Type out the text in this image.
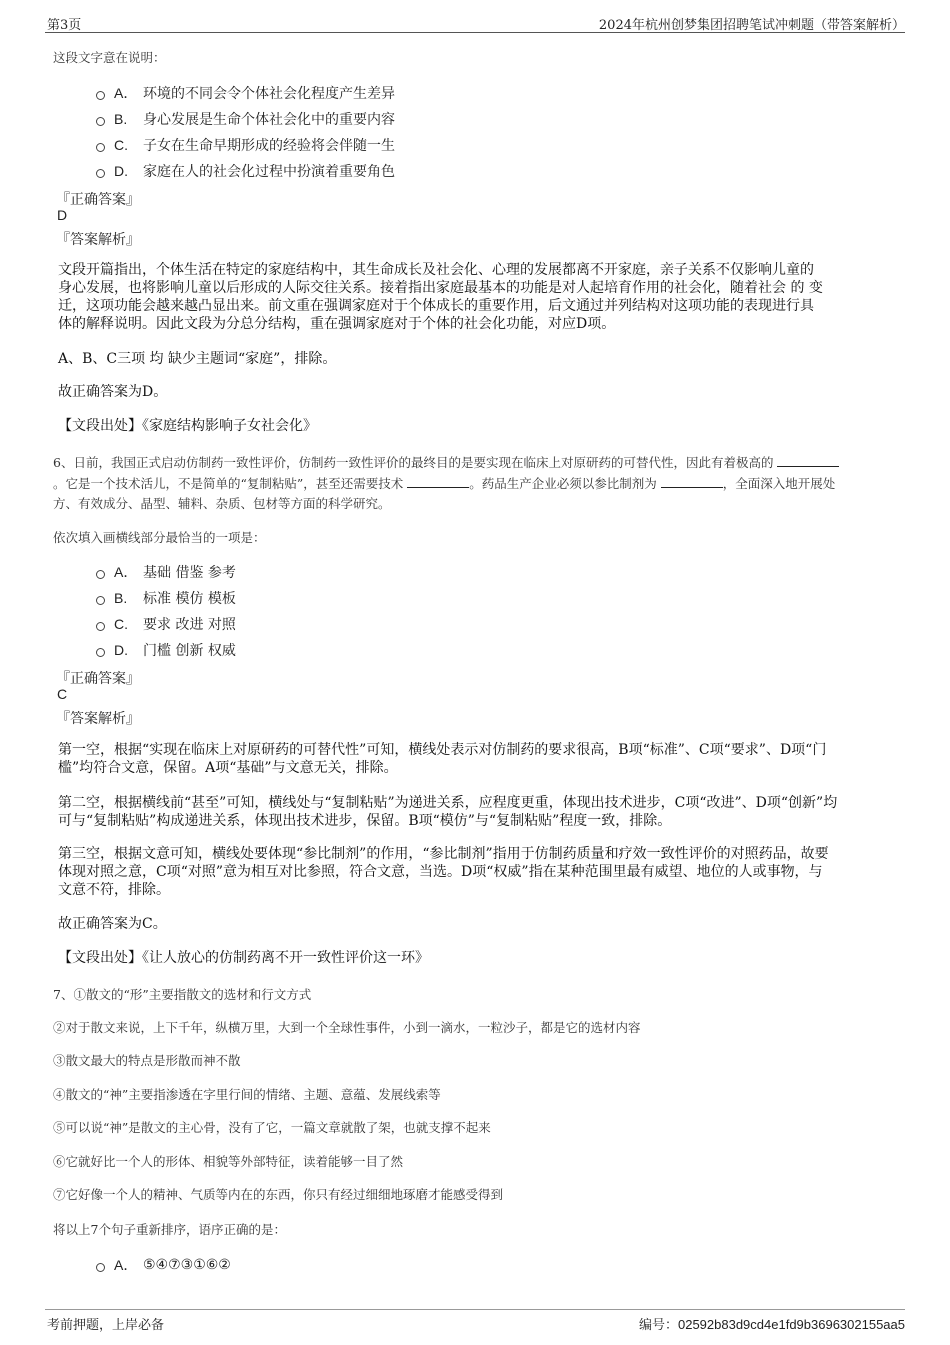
第3页	2024年杭州创梦集团招聘笔试冲刺题（带答案解析）
这段文字意在说明：
A． 环境的不同会令个体社会化程度产生差异
B.	身心发展是生命个体社会化中的重要内容
C.	子女在生命早期形成的经验将会伴随一生
D.	家庭在人的社会化过程中扮演着重要角色
『正确答案』
D
『答案解析』
文段开篇指出，个体生活在特定的家庭结构中，其生命成长及社会化、心理的发展都离不开家庭，亲子关系不仅影响儿童的
身心发展，也将影响儿童以后形成的人际交往关系。接着指出家庭最基本的功能是对人起培育作用的社会化，随着社会 的 变
迁，这项功能会越来越凸显出来。前文重在强调家庭对于个体成长的重要作用，后文通过并列结构对这项功能的表现进行具
体的解释说明。因此文段为分总分结构，重在强调家庭对于个体的社会化功能，对应D项。
A、B、C三项 均 缺少主题词“家庭”，排除。
故正确答案为D。
【文段出处】《家庭结构影响子女社会化》
6、日前，我国正式启动仿制药一致性评价，仿制药一致性评价的最终目的是要实现在临床上对原研药的可替代性，因此有着极高的
。它是一个技术活儿，不是简单的“复制粘贴”，甚至还需要技术	。药品生产企业必须以参比制剂为	，全面深入地开展处
方、有效成分、晶型、辅料、杂质、包材等方面的科学研究。
依次填入画横线部分最恰当的一项是：
A． 基础 借鉴 参考
B.	标准 模仿 模板
C.	要求 改进 对照
D.	门槛 创新 权威
『正确答案』
C
『答案解析』
第一空，根据“实现在临床上对原研药的可替代性”可知，横线处表示对仿制药的要求很高，B项“标准”、C项“要求”、D项“门
槛”均符合文意，保留。A项“基础”与文意无关，排除。
第二空，根据横线前“甚至”可知，横线处与“复制粘贴”为递进关系，应程度更重，体现出技术进步，C项“改进”、D项“创新”均
可与“复制粘贴”构成递进关系，体现出技术进步，保留。B项“模仿”与“复制粘贴”程度一致，排除。
第三空，根据文意可知，横线处要体现“参比制剂”的作用，“参比制剂”指用于仿制药质量和疗效一致性评价的对照药品，故要
体现对照之意，C项“对照”意为相互对比参照，符合文意，当选。D项“权威”指在某种范围里最有威望、地位的人或事物，与
文意不符，排除。
故正确答案为C。
【文段出处】《让人放心的仿制药离不开一致性评价这一环》
7、①散文的“形”主要指散文的选材和行文方式
②对于散文来说，上下千年，纵横万里，大到一个全球性事件，小到一滴水，一粒沙子，都是它的选材内容
③散文最大的特点是形散而神不散
④散文的“神”主要指渗透在字里行间的情绪、主题、意蕴、发展线索等
⑤可以说“神”是散文的主心骨，没有了它，一篇文章就散了架，也就支撑不起来
⑥它就好比一个人的形体、相貌等外部特征，读着能够一目了然
⑦它好像一个人的精神、气质等内在的东西，你只有经过细细地琢磨才能感受得到
将以上7个句子重新排序，语序正确的是：
A． ⑤④⑦③①⑥②
考前押题，上岸必备	编号：02592b83d9cd4e1fd9b3696302155aa5
